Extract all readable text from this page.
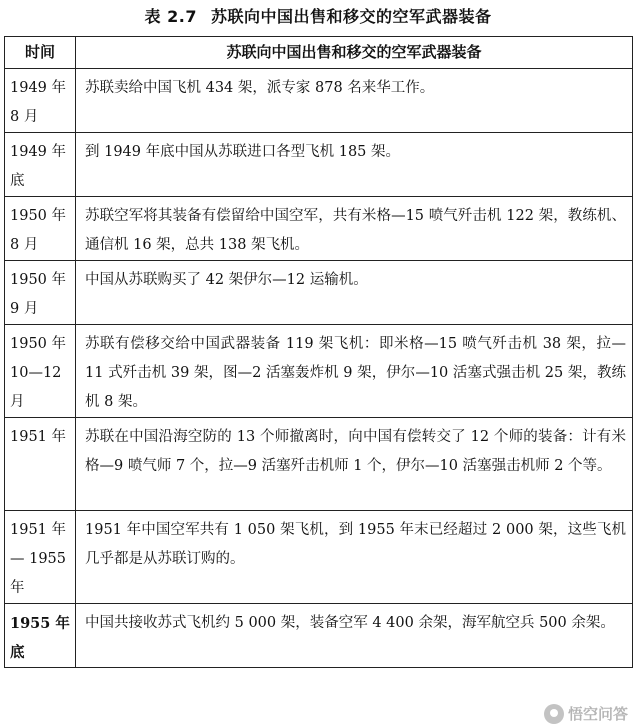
表 2.7 苏联向中国出售和移交的空军武器装备
时间	苏联向中国出售和移交的空军武器装备
1949 年 8 月	苏联卖给中国飞机 434 架，派专家 878 名来华工作。
1949 年底	到 1949 年底中国从苏联进口各型飞机 185 架。
1950 年 8 月	苏联空军将其装备有偿留给中国空军，共有米格—15 喷气歼击机 122 架，教练机、通信机 16 架，总共 138 架飞机。
1950 年 9 月	中国从苏联购买了 42 架伊尔—12 运输机。
1950 年 10—12 月	苏联有偿移交给中国武器装备 119 架飞机：即米格—15 喷气歼击机 38 架，拉—11 式歼击机 39 架，图—2 活塞轰炸机 9 架，伊尔—10 活塞式强击机 25 架，教练机 8 架。
1951 年	苏联在中国沿海空防的 13 个师撤离时，向中国有偿转交了 12 个师的装备：计有米格—9 喷气师 7 个，拉—9 活塞歼击机师 1 个，伊尔—10 活塞强击机师 2 个等。
1951 年 — 1955 年	1951 年中国空军共有 1 050 架飞机，到 1955 年末已经超过 2 000 架，这些飞机几乎都是从苏联订购的。
1955 年底	中国共接收苏式飞机约 5 000 架，装备空军 4 400 余架，海军航空兵 500 余架。
悟空问答
